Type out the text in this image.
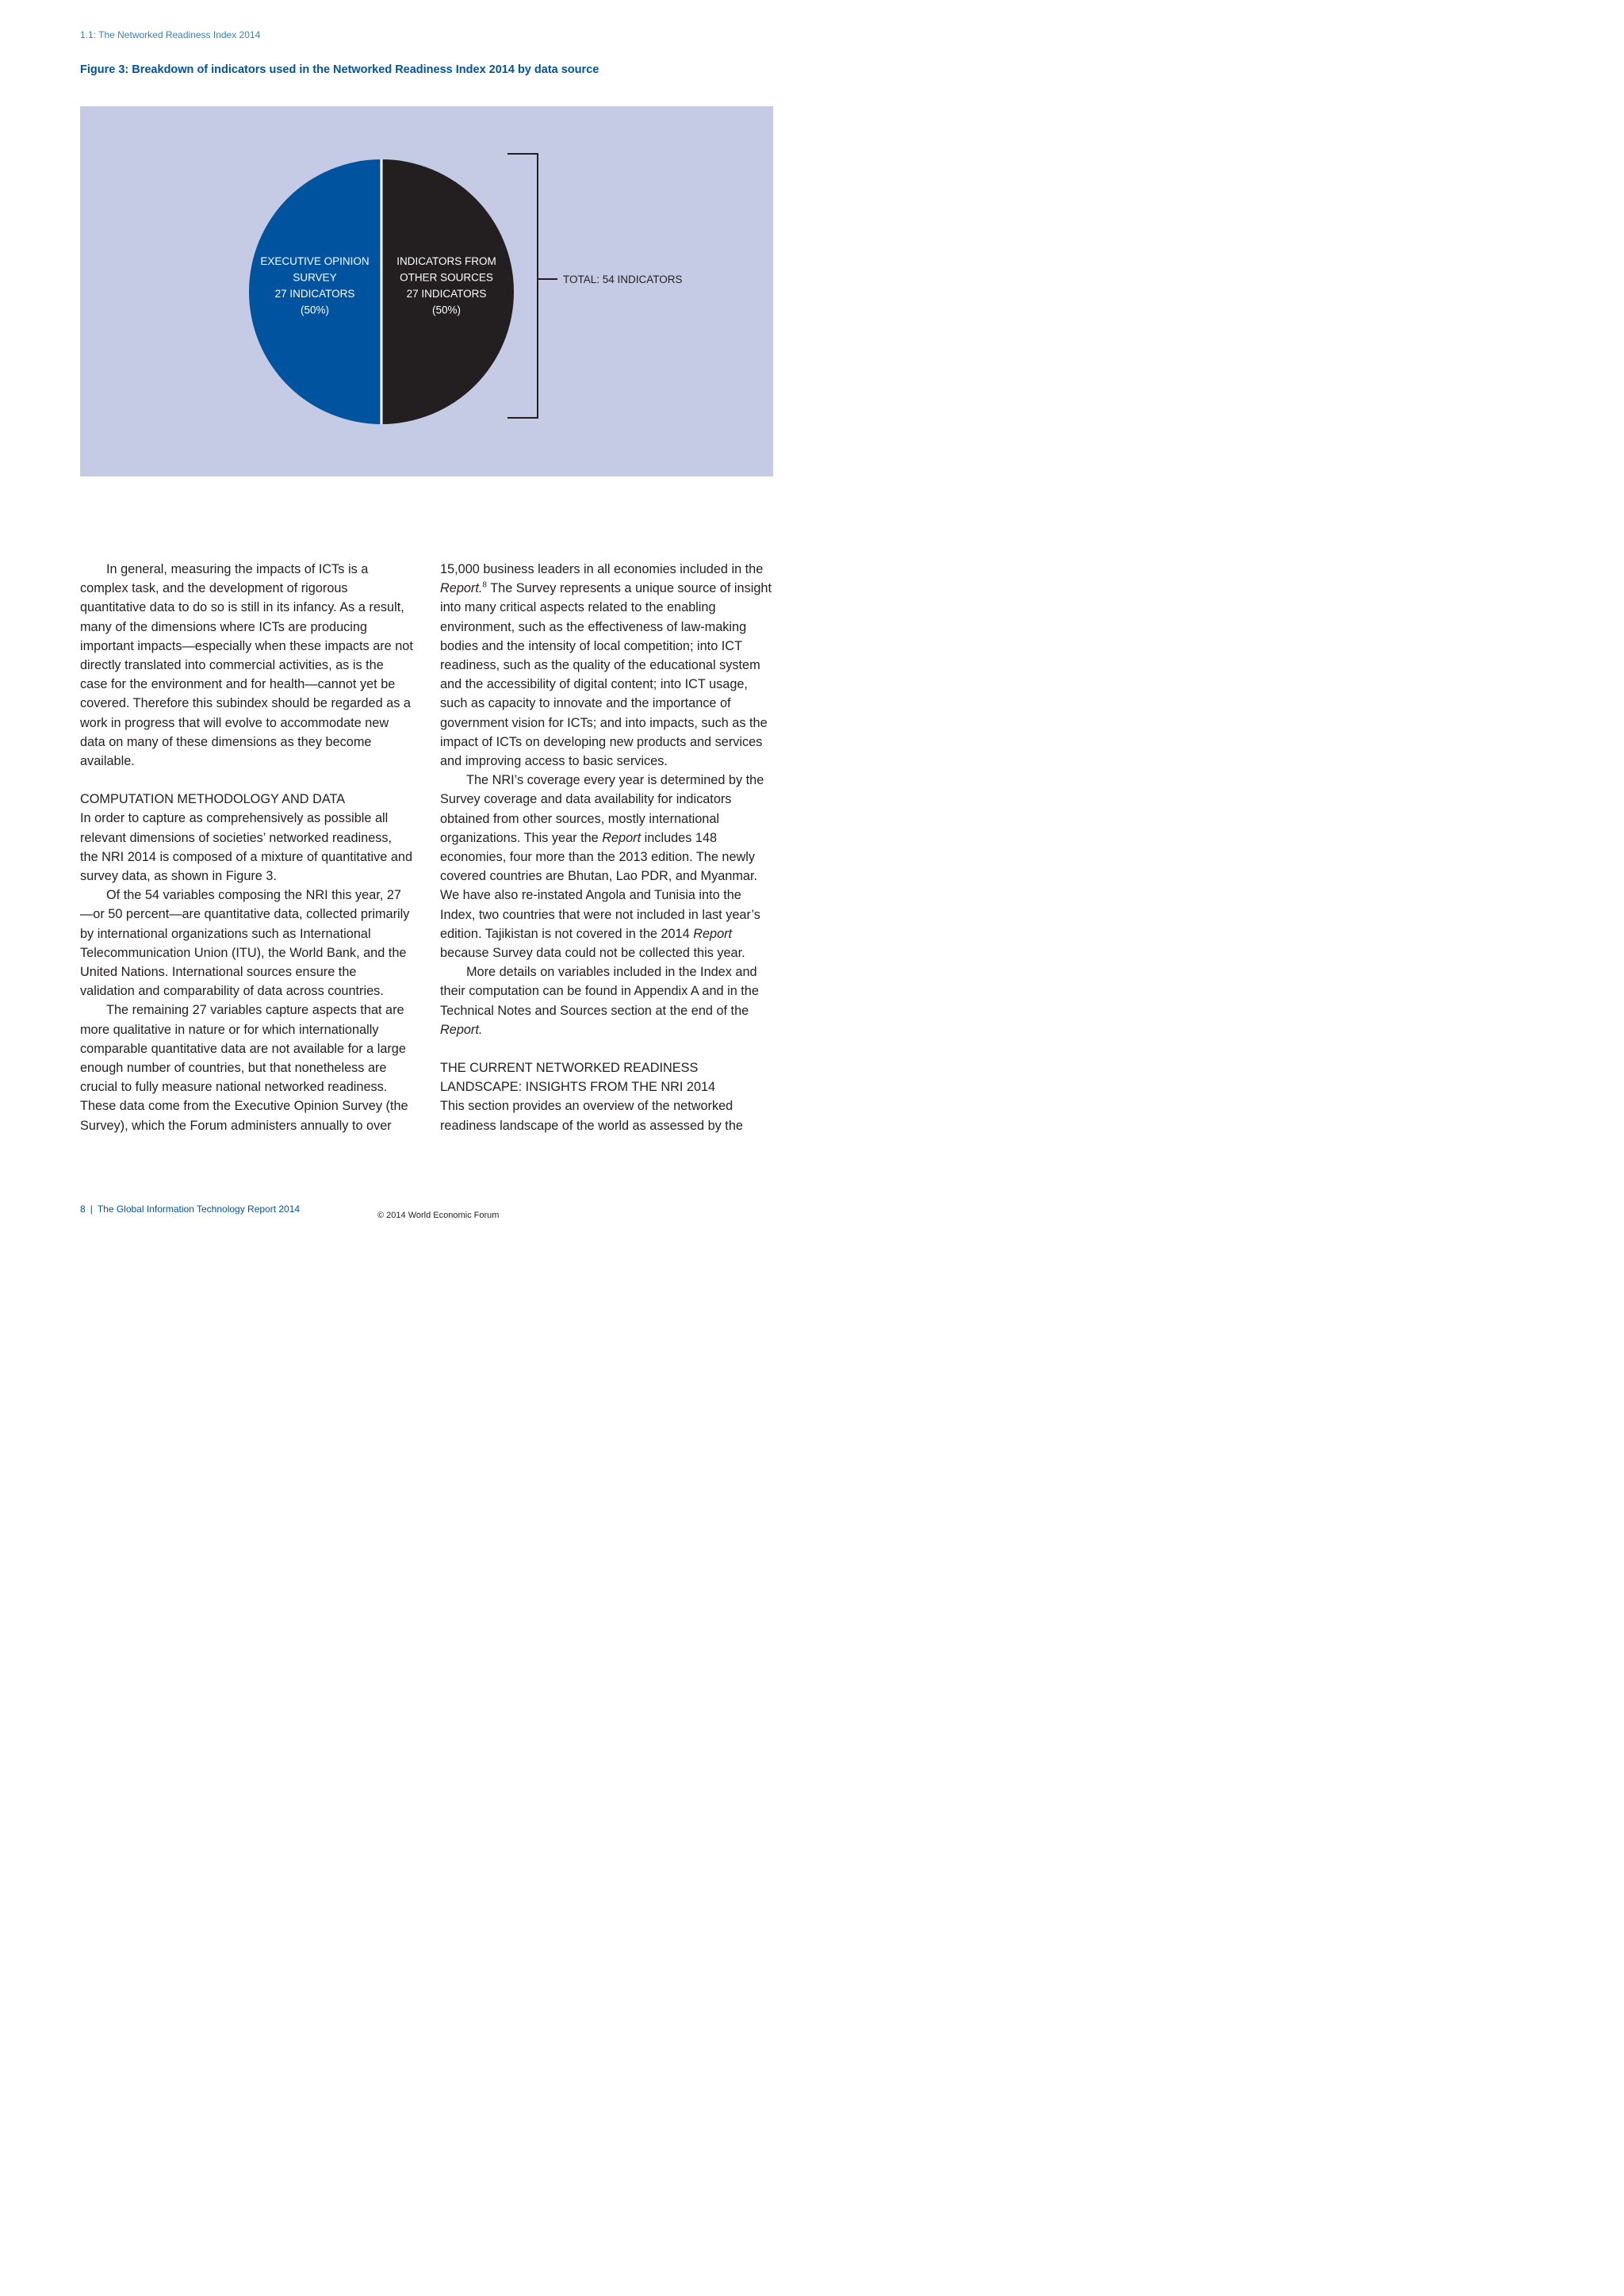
1.1: The Networked Readiness Index 2014
Figure 3: Breakdown of indicators used in the Networked Readiness Index 2014 by data source
EXECUTIVE OPINION SURVEY 27 INDICATORS (50%)
INDICATORS FROM OTHER SOURCES 27 INDICATORS (50%)
TOTAL: 54 INDICATORS

In general, measuring the impacts of ICTs is a complex task, and the development of rigorous quantitative data to do so is still in its infancy. As a result, many of the dimensions where ICTs are producing important impacts—especially when these impacts are not directly translated into commercial activities, as is the case for the environment and for health—cannot yet be covered. Therefore this subindex should be regarded as a work in progress that will evolve to accommodate new data on many of these dimensions as they become available.

COMPUTATION METHODOLOGY AND DATA

In order to capture as comprehensively as possible all relevant dimensions of societies’ networked readiness, the NRI 2014 is composed of a mixture of quantitative and survey data, as shown in Figure 3.

Of the 54 variables composing the NRI this year, 27—or 50 percent—are quantitative data, collected primarily by international organizations such as International Telecommunication Union (ITU), the World Bank, and the United Nations. International sources ensure the validation and comparability of data across countries.

The remaining 27 variables capture aspects that are more qualitative in nature or for which internationally comparable quantitative data are not available for a large enough number of countries, but that nonetheless are crucial to fully measure national networked readiness. These data come from the Executive Opinion Survey (the Survey), which the Forum administers annually to over

15,000 business leaders in all economies included in the Report.$^8$ The Survey represents a unique source of insight into many critical aspects related to the enabling environment, such as the effectiveness of law-making bodies and the intensity of local competition; into ICT readiness, such as the quality of the educational system and the accessibility of digital content; into ICT usage, such as capacity to innovate and the importance of government vision for ICTs; and into impacts, such as the impact of ICTs on developing new products and services and improving access to basic services.

The NRI’s coverage every year is determined by the Survey coverage and data availability for indicators obtained from other sources, mostly international organizations. This year the Report includes 148 economies, four more than the 2013 edition. The newly covered countries are Bhutan, Lao PDR, and Myanmar. We have also re-instated Angola and Tunisia into the Index, two countries that were not included in last year’s edition. Tajikistan is not covered in the 2014 Report because Survey data could not be collected this year.

More details on variables included in the Index and their computation can be found in Appendix A and in the Technical Notes and Sources section at the end of the Report.

THE CURRENT NETWORKED READINESS LANDSCAPE: INSIGHTS FROM THE NRI 2014

This section provides an overview of the networked readiness landscape of the world as assessed by the

8 | The Global Information Technology Report 2014
© 2014 World Economic Forum
